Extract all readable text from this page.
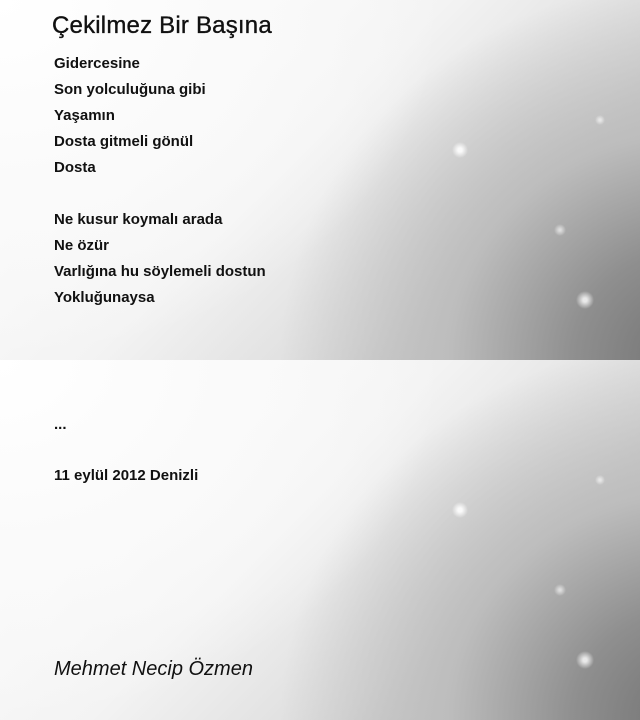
Çekilmez Bir Başına
Gidercesine
Son yolculuğuna gibi
Yaşamın
Dosta gitmeli gönül
Dosta
Ne kusur koymalı arada
Ne özür
Varlığına hu söylemeli dostun
Yokluğunaysa
...
11 eylül 2012 Denizli
Mehmet Necip Özmen
